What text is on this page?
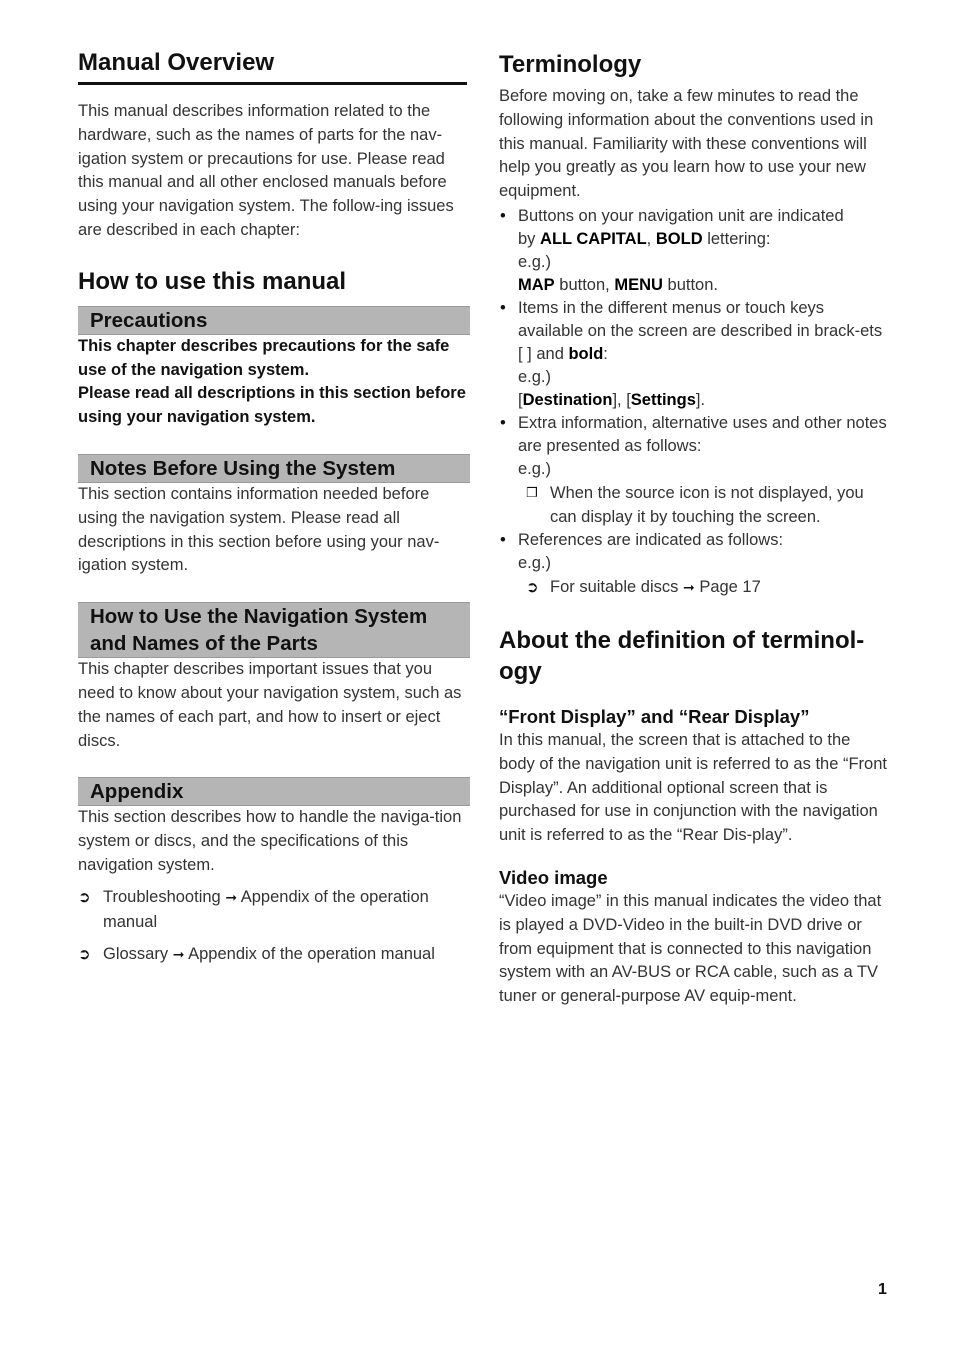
Manual Overview

This manual describes information related to the hardware, such as the names of parts for the nav-igation system or precautions for use. Please read this manual and all other enclosed manuals before using your navigation system. The follow-ing issues are described in each chapter:

How to use this manual
Precautions

This chapter describes precautions for the safe use of the navigation system.

Please read all descriptions in this section before using your navigation system.

Notes Before Using the System

This section contains information needed before using the navigation system. Please read all descriptions in this section before using your nav-igation system.

How to Use the Navigation System
and Names of the Parts

This chapter describes important issues that you need to know about your navigation system, such as the names of each part, and how to insert or eject discs.

Appendix

This section describes how to handle the naviga-tion system or discs, and the specifications of this navigation system.

➲ Troubleshooting ➞ Appendix of the operation
manual
➲ Glossary ➞ Appendix of the operation manual
Terminology

Before moving on, take a few minutes to read the following information about the conventions used in this manual. Familiarity with these conventions will help you greatly as you learn how to use your new equipment.

• Buttons on your navigation unit are indicated
by ALL CAPITAL, BOLD lettering:
e.g.)
MAP button, MENU button.
• Items in the different menus or touch keys available on the screen are described in brack-ets [ ] and bold:
e.g.)
[Destination], [Settings].
• Extra information, alternative uses and other notes are presented as follows:
e.g.)
❒ When the source icon is not displayed, you can display it by touching the screen.
• References are indicated as follows:
e.g.)
➲ For suitable discs ➞ Page 17
About the definition of terminol-ogy
“Front Display” and “Rear Display”

In this manual, the screen that is attached to the body of the navigation unit is referred to as the “Front Display”. An additional optional screen that is purchased for use in conjunction with the navigation unit is referred to as the “Rear Dis-play”.

Video image

“Video image” in this manual indicates the video that is played a DVD-Video in the built-in DVD drive or from equipment that is connected to this navigation system with an AV-BUS or RCA cable, such as a TV tuner or general-purpose AV equip-ment.

1
